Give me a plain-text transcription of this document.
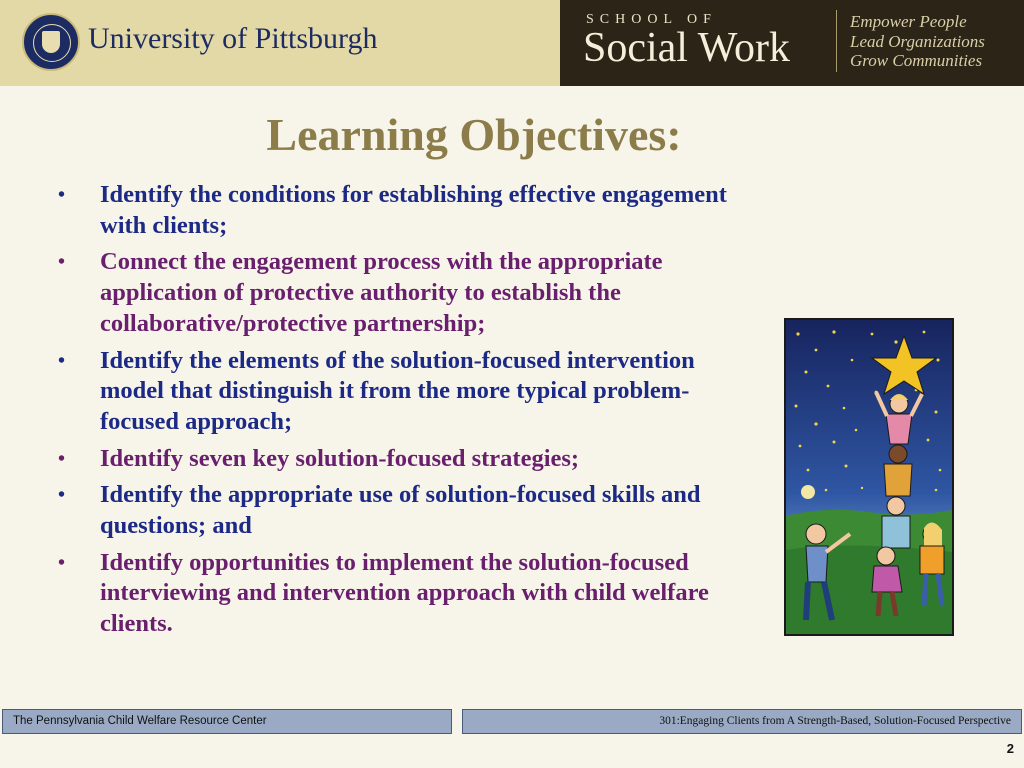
University of Pittsburgh
SCHOOL OF
Social Work
Empower People
Lead Organizations
Grow Communities
Learning Objectives:
• Identify the conditions for establishing effective engagement with clients;
• Connect the engagement process with the appropriate application of protective authority to establish the collaborative/protective partnership;
• Identify the elements of the solution-focused intervention model that distinguish it from the more typical problem-focused approach;
• Identify seven key solution-focused strategies;
• Identify the appropriate use of solution-focused skills and questions; and
• Identify opportunities to implement the solution-focused interviewing and intervention approach with child welfare clients.
The Pennsylvania Child Welfare Resource Center	301:Engaging Clients from A Strength-Based, Solution-Focused Perspective
2
